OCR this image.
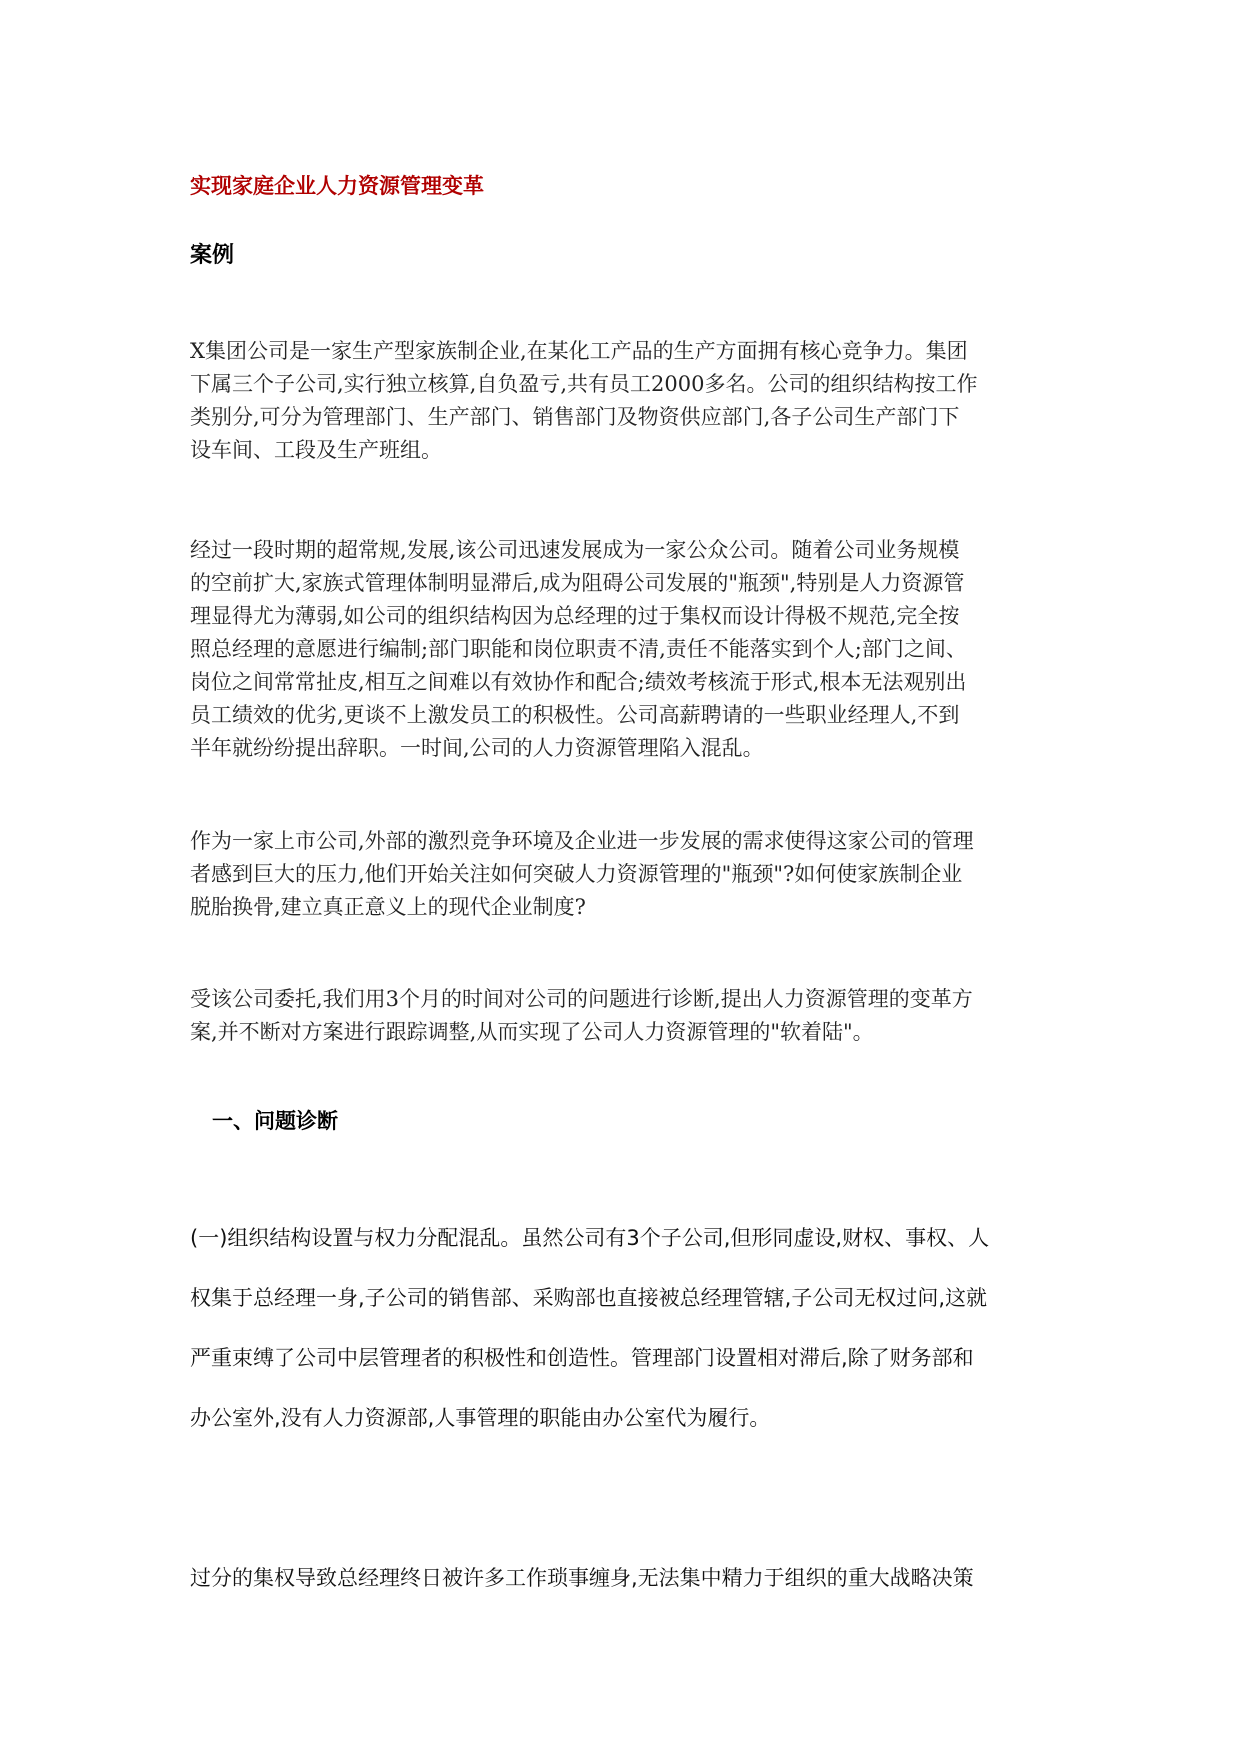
实现家庭企业人力资源管理变革
案例
X集团公司是一家生产型家族制企业,在某化工产品的生产方面拥有核心竞争力。集团
下属三个子公司,实行独立核算,自负盈亏,共有员工2000多名。公司的组织结构按工作
类别分,可分为管理部门、生产部门、销售部门及物资供应部门,各子公司生产部门下
设车间、工段及生产班组。
经过一段时期的超常规,发展,该公司迅速发展成为一家公众公司。随着公司业务规模
的空前扩大,家族式管理体制明显滞后,成为阻碍公司发展的"瓶颈",特别是人力资源管
理显得尤为薄弱,如公司的组织结构因为总经理的过于集权而设计得极不规范,完全按
照总经理的意愿进行编制;部门职能和岗位职责不清,责任不能落实到个人;部门之间、
岗位之间常常扯皮,相互之间难以有效协作和配合;绩效考核流于形式,根本无法观别出
员工绩效的优劣,更谈不上激发员工的积极性。公司高薪聘请的一些职业经理人,不到
半年就纷纷提出辞职。一时间,公司的人力资源管理陷入混乱。
作为一家上市公司,外部的激烈竞争环境及企业进一步发展的需求使得这家公司的管理
者感到巨大的压力,他们开始关注如何突破人力资源管理的"瓶颈"?如何使家族制企业
脱胎换骨,建立真正意义上的现代企业制度?
受该公司委托,我们用3个月的时间对公司的问题进行诊断,提出人力资源管理的变革方
案,并不断对方案进行跟踪调整,从而实现了公司人力资源管理的"软着陆"。
一、问题诊断
(一)组织结构设置与权力分配混乱。虽然公司有3个子公司,但形同虚设,财权、事权、人
权集于总经理一身,子公司的销售部、采购部也直接被总经理管辖,子公司无权过问,这就
严重束缚了公司中层管理者的积极性和创造性。管理部门设置相对滞后,除了财务部和
办公室外,没有人力资源部,人事管理的职能由办公室代为履行。
过分的集权导致总经理终日被许多工作琐事缠身,无法集中精力于组织的重大战略决策
